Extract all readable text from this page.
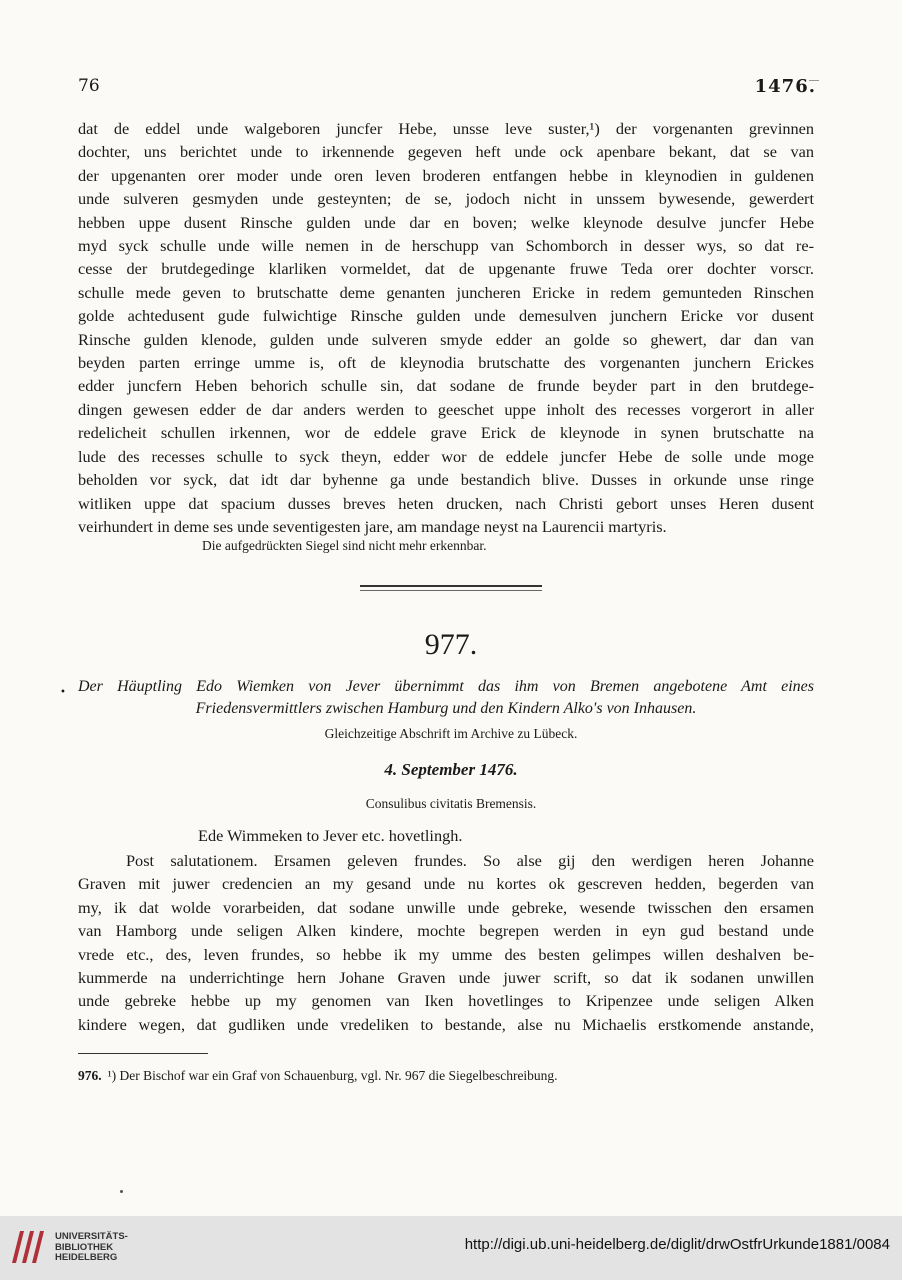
76	1476.
dat de eddel unde walgeboren juncfer Hebe, unsse leve suster,¹) der vorgenanten grevinnen
dochter, uns berichtet unde to irkennende gegeven heft unde ock apenbare bekant, dat se van
der upgenanten orer moder unde oren leven broderen entfangen hebbe in kleynodien in guldenen
unde sulveren gesmyden unde gesteynten; de se, jodoch nicht in unssem bywesende, gewerdert
hebben uppe dusent Rinsche gulden unde dar en boven; welke kleynode desulve juncfer Hebe
myd syck schulle unde wille nemen in de herschupp van Schomborch in desser wys, so dat re-
cesse der brutdegedinge klarliken vormeldet, dat de upgenante fruwe Teda orer dochter vorscr.
schulle mede geven to brutschatte deme genanten juncheren Ericke in redem gemunteden Rinschen
golde achtedusent gude fulwichtige Rinsche gulden unde demesulven junchern Ericke vor dusent
Rinsche gulden klenode, gulden unde sulveren smyde edder an golde so ghewert, dar dan van
beyden parten erringe umme is, oft de kleynodia brutschatte des vorgenanten junchern Erickes
edder juncfern Heben behorich schulle sin, dat sodane de frunde beyder part in den brutdege-
dingen gewesen edder de dar anders werden to geeschet uppe inholt des recesses vorgerort in aller
redelicheit schullen irkennen, wor de eddele grave Erick de kleynode in synen brutschatte na
lude des recesses schulle to syck theyn, edder wor de eddele juncfer Hebe de solle unde moge
beholden vor syck, dat idt dar byhenne ga unde bestandich blive. Dusses in orkunde unse ringe
witliken uppe dat spacium dusses breves heten drucken, nach Christi gebort unses Heren dusent
veirhundert in deme ses unde seventigesten jare, am mandage neyst na Laurencii martyris.
Die aufgedrückten Siegel sind nicht mehr erkennbar.
977.
• Der Häuptling Edo Wiemken von Jever übernimmt das ihm von Bremen angebotene Amt eines
Friedensvermittlers zwischen Hamburg und den Kindern Alko's von Inhausen.
Gleichzeitige Abschrift im Archive zu Lübeck.
4. September 1476.
Consulibus civitatis Bremensis.
Ede Wimmeken to Jever etc. hovetlingh.
Post salutationem. Ersamen geleven frundes. So alse gij den werdigen heren Johanne
Graven mit juwer credencien an my gesand unde nu kortes ok gescreven hedden, begerden van
my, ik dat wolde vorarbeiden, dat sodane unwille unde gebreke, wesende twisschen den ersamen
van Hamborg unde seligen Alken kindere, mochte begrepen werden in eyn gud bestand unde
vrede etc., des, leven frundes, so hebbe ik my umme des besten gelimpes willen deshalven be-
kummerde na underrichtinge hern Johane Graven unde juwer scrift, so dat ik sodanen unwillen
unde gebreke hebbe up my genomen van Iken hovetlinges to Kripenzee unde seligen Alken
kindere wegen, dat gudliken unde vredeliken to bestande, alse nu Michaelis erstkomende anstande,
976. ¹) Der Bischof war ein Graf von Schauenburg, vgl. Nr. 967 die Siegelbeschreibung.
UNIVERSITÄTS-
BIBLIOTHEK
HEIDELBERG
http://digi.ub.uni-heidelberg.de/diglit/drwOstfrUrkunde1881/0084
